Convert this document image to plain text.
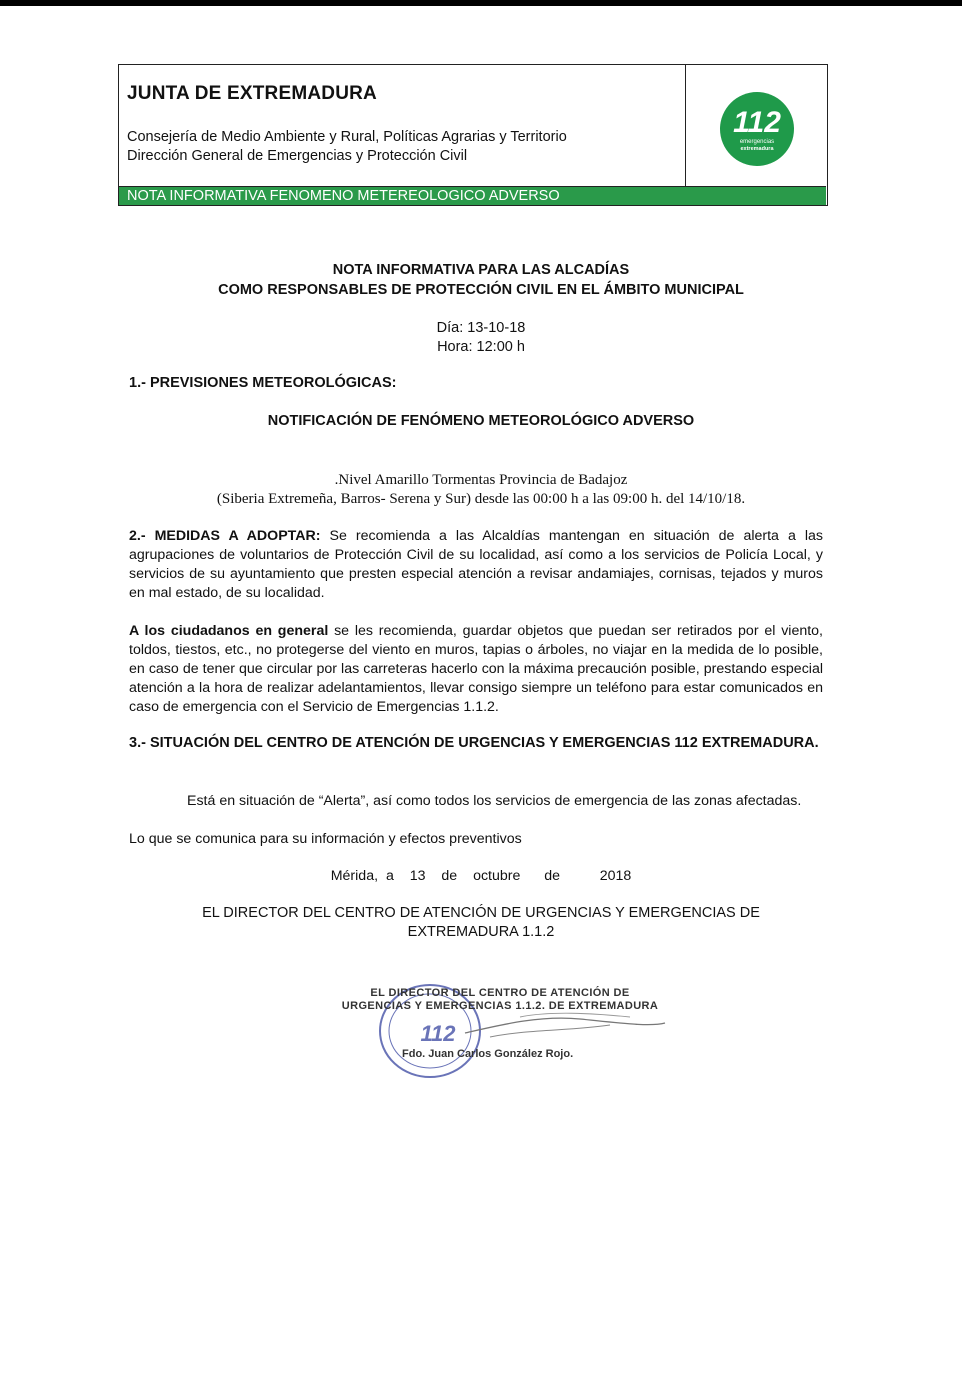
JUNTA DE EXTREMADURA
Consejería de Medio Ambiente y Rural, Políticas Agrarias y Territorio
Dirección General de Emergencias y Protección Civil
112
emergencias
extremadura
NOTA INFORMATIVA FENOMENO METEREOLOGICO ADVERSO
NOTA INFORMATIVA PARA LAS ALCADÍAS
COMO RESPONSABLES DE PROTECCIÓN CIVIL EN EL ÁMBITO MUNICIPAL
Día: 13-10-18
Hora: 12:00 h
1.- PREVISIONES METEOROLÓGICAS:
NOTIFICACIÓN DE FENÓMENO METEOROLÓGICO ADVERSO
.Nivel Amarillo Tormentas Provincia de Badajoz
(Siberia Extremeña, Barros- Serena y Sur) desde las 00:00 h a las 09:00 h. del 14/10/18.
2.- MEDIDAS A ADOPTAR: Se recomienda a las Alcaldías mantengan en situación de alerta a las agrupaciones de voluntarios de Protección Civil de su localidad, así como a los servicios de Policía Local, y servicios de su ayuntamiento que presten especial atención a revisar andamiajes, cornisas, tejados y muros en mal estado, de su localidad.
A los ciudadanos en general se les recomienda, guardar objetos que puedan ser retirados por el viento, toldos, tiestos, etc., no protegerse del viento en muros, tapias o árboles, no viajar en la medida de lo posible, en caso de tener que circular por las carreteras hacerlo con la máxima precaución posible, prestando especial atención a la hora de realizar adelantamientos, llevar consigo siempre un teléfono para estar comunicados en caso de emergencia con el Servicio de Emergencias 1.1.2.
3.- SITUACIÓN DEL CENTRO DE ATENCIÓN DE URGENCIAS Y EMERGENCIAS 112 EXTREMADURA.
Está en situación de “Alerta”, así como todos los servicios de emergencia de las zonas afectadas.
Lo que se comunica para su información y efectos preventivos
Mérida, a  13  de  octubre   de     2018
EL DIRECTOR DEL CENTRO DE ATENCIÓN DE URGENCIAS Y EMERGENCIAS DE
EXTREMADURA 1.1.2
112
EL DIRECTOR DEL CENTRO DE ATENCIÓN DE
URGENCIAS Y EMERGENCIAS 1.1.2. DE EXTREMADURA
Fdo. Juan Carlos González Rojo.
